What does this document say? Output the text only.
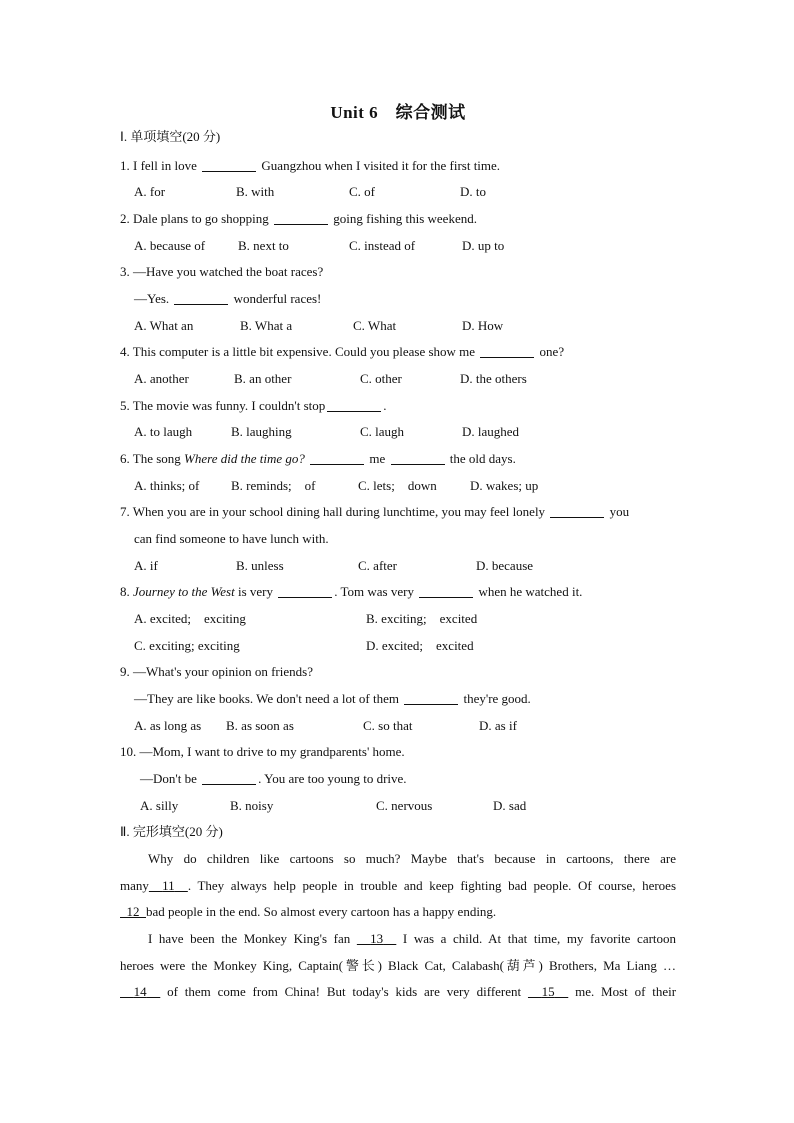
Unit 6　综合测试
Ⅰ. 单项填空(20 分)
1. I fell in love	Guangzhou when I visited it for the first time.
A. for	B. with	C. of	D. to
2. Dale plans to go shopping	going fishing this weekend.
A. because of	B. next to	C. instead of	D. up to
3. —Have you watched the boat races?
—Yes.	wonderful races!
A. What an	B. What a	C. What	D. How
4. This computer is a little bit expensive. Could you please show me	one?
A. another	B. an other	C. other	D. the others
5. The movie was funny. I couldn't stop	.
A. to laugh	B. laughing	C. laugh	D. laughed
6. The song Where did the time go?	me	the old days.
A. thinks; of B. reminds;　of	C. lets;　down	D. wakes; up
7. When you are in your school dining hall during lunchtime, you may feel lonely	you
can find someone to have lunch with.
A. if	B. unless	C. after	D. because
8. Journey to the West is very	. Tom was very	when he watched it.
A. excited;　exciting	B. exciting;　excited
C. exciting; exciting	D. excited;　excited
9. —What's your opinion on friends?
—They are like books. We don't need a lot of them	they're good.
A. as long as B. as soon as	C. so that	D. as if
10. —Mom, I want to drive to my grandparents' home.
—Don't be	. You are too young to drive.
A. silly	B. noisy	C. nervous	D. sad
Ⅱ. 完形填空(20 分)
Why do children like cartoons so much? Maybe that's because in cartoons, there are
many 11 . They always help people in trouble and keep fighting bad people. Of course, heroes
12 bad people in the end. So almost every cartoon has a happy ending.
I have been the Monkey King's fan 13 I was a child. At that time, my favorite cartoon
heroes were the Monkey King, Captain(警长) Black Cat, Calabash(葫芦) Brothers, Ma Liang …
14 of them come from China! But today's kids are very different 15 me. Most of their
